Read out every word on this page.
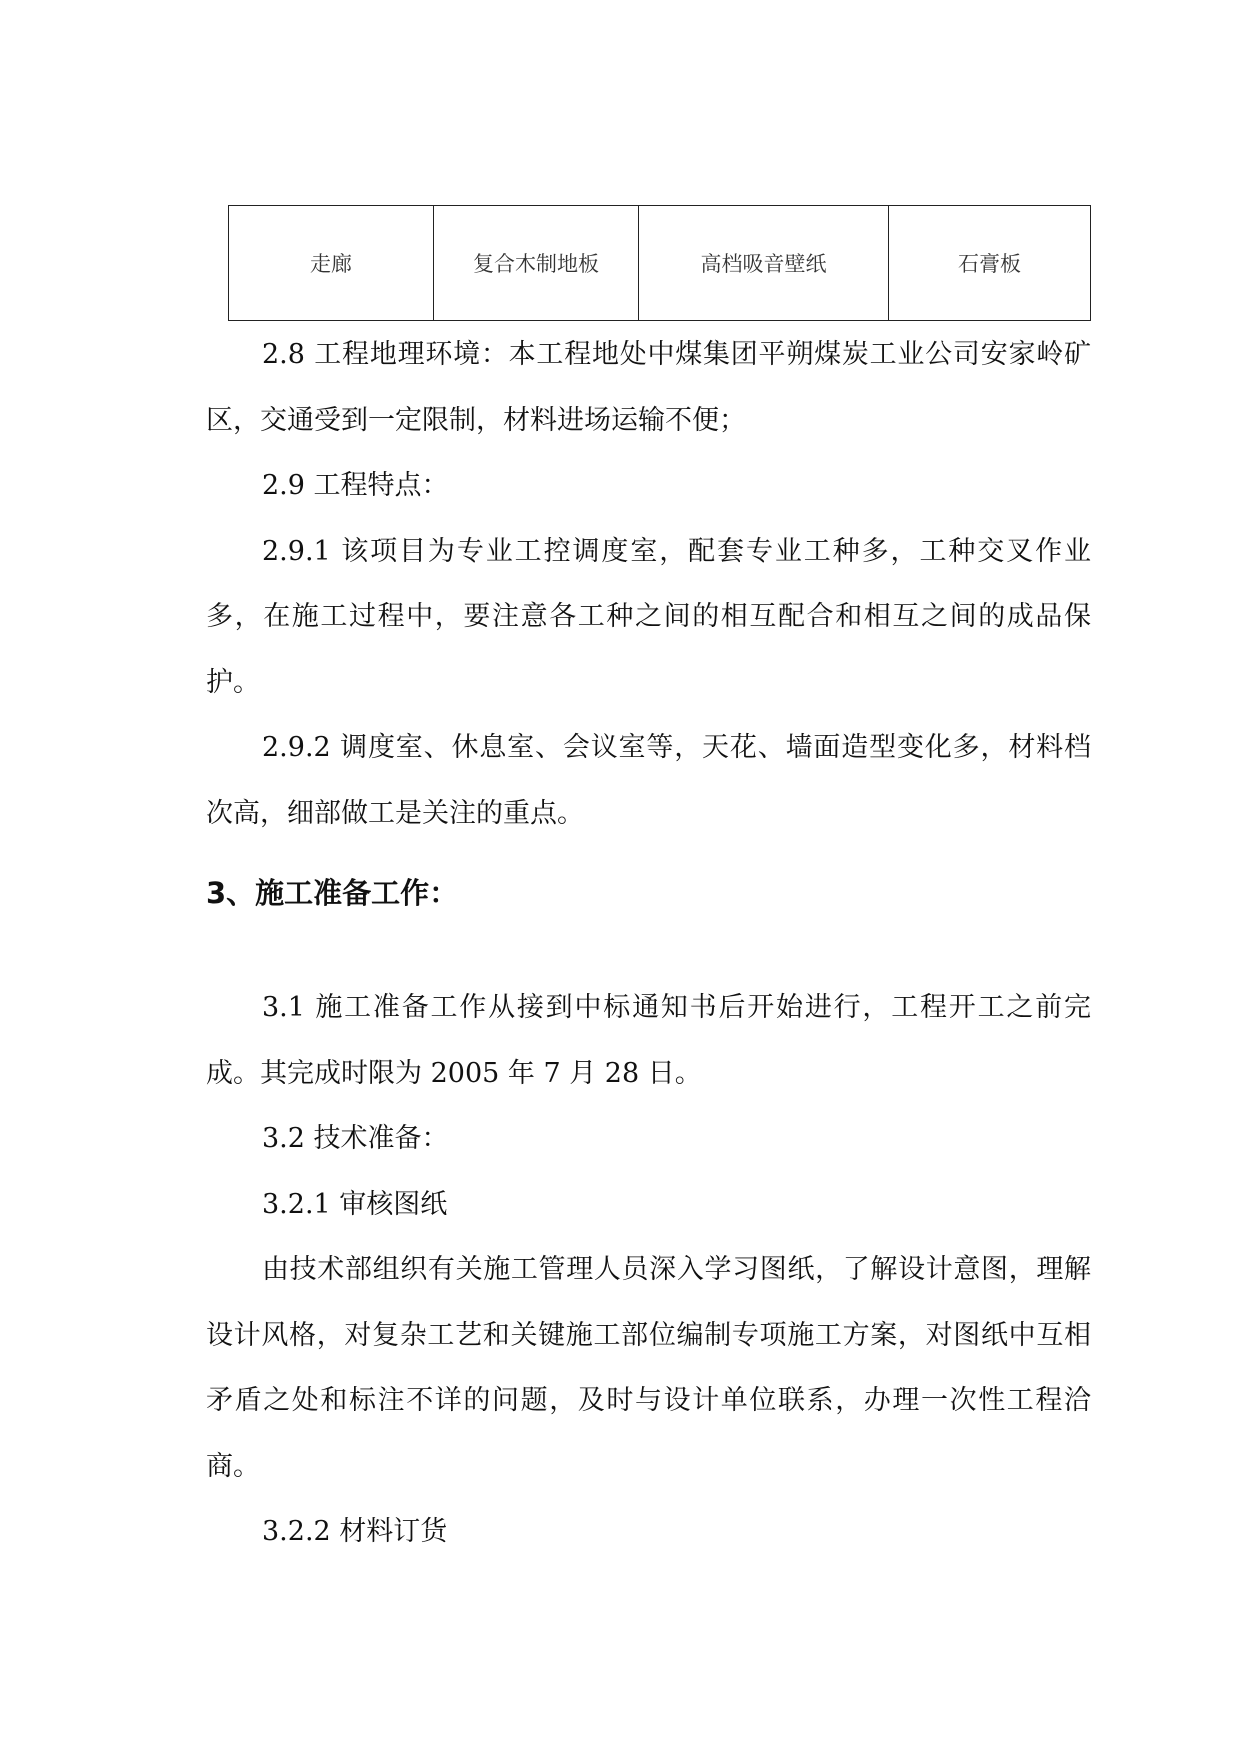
走廊	复合木制地板	高档吸音壁纸	石膏板

2.8 工程地理环境：本工程地处中煤集团平朔煤炭工业公司安家岭矿区，交通受到一定限制，材料进场运输不便；

2.9 工程特点：

2.9.1 该项目为专业工控调度室，配套专业工种多，工种交叉作业多，在施工过程中，要注意各工种之间的相互配合和相互之间的成品保护。

2.9.2 调度室、休息室、会议室等，天花、墙面造型变化多，材料档次高，细部做工是关注的重点。

3、施工准备工作：

3.1 施工准备工作从接到中标通知书后开始进行，工程开工之前完成。其完成时限为 2005 年 7 月 28 日。

3.2 技术准备：

3.2.1 审核图纸

由技术部组织有关施工管理人员深入学习图纸，了解设计意图，理解设计风格，对复杂工艺和关键施工部位编制专项施工方案，对图纸中互相矛盾之处和标注不详的问题，及时与设计单位联系，办理一次性工程洽商。

3.2.2 材料订货
